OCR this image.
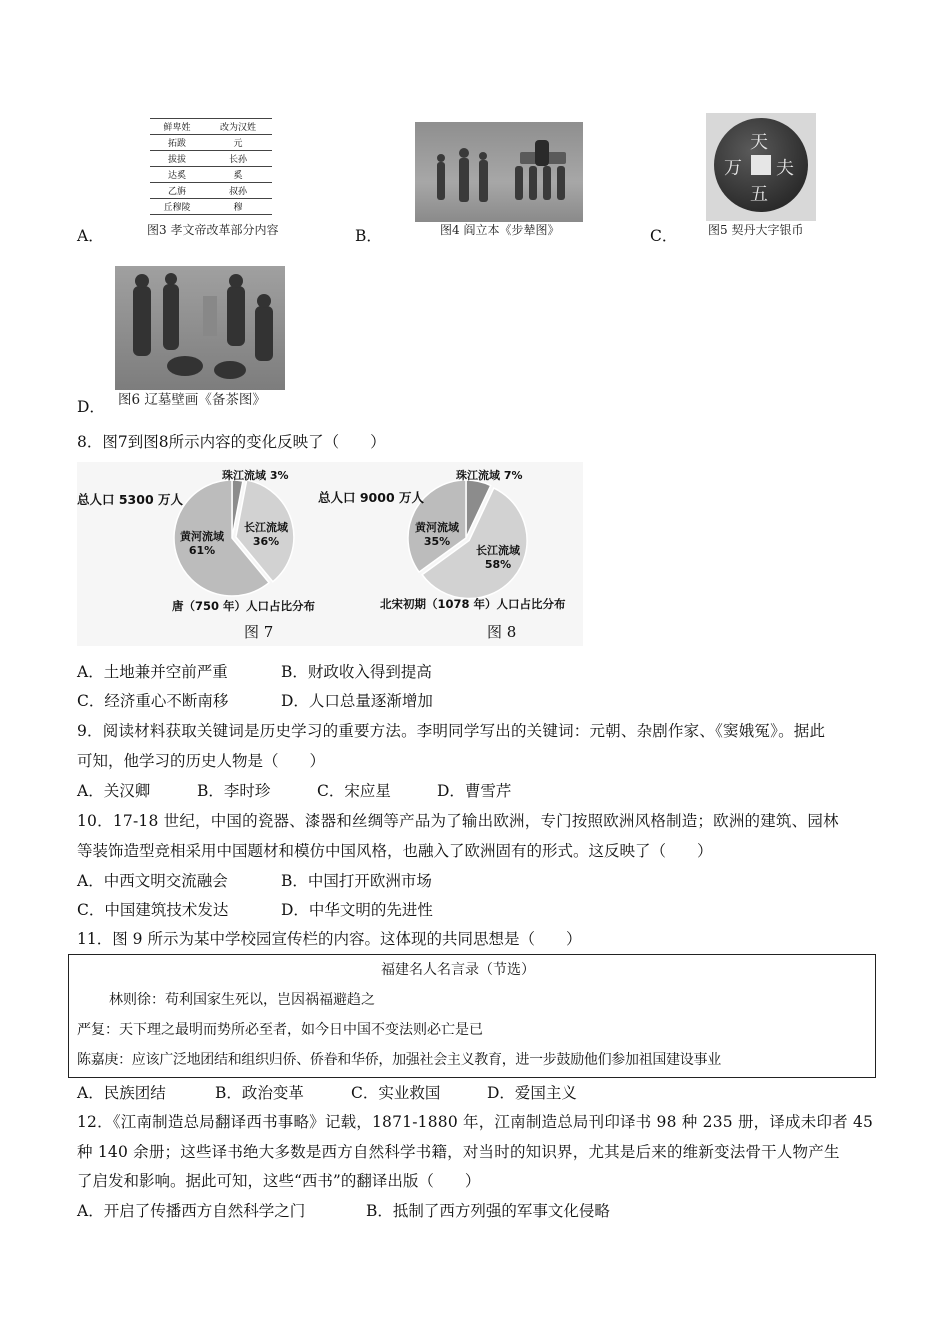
鲜卑姓	改为汉姓
拓跋	元
拔拔	长孙
达奚	奚
乙旃	叔孙
丘穆陵	穆
A．	图3 孝文帝改革部分内容	B．	图4 阎立本《步辇图》
天
夫
五
万
C．	图5 契丹大字银币
D． 图6 辽墓壁画《备茶图》
8．图7到图8所示内容的变化反映了（　　）
总人口 5300 万人
珠江流域 3%
长江流域
36%
黄河流域
61%
唐（750 年）人口占比分布
图 7
总人口 9000 万人
珠江流域 7%
长江流域
58%
黄河流域
35%
北宋初期（1078 年）人口占比分布
图 8
A．土地兼并空前严重	B．财政收入得到提高
C．经济重心不断南移	D．人口总量逐渐增加
9．阅读材料获取关键词是历史学习的重要方法。李明同学写出的关键词：元朝、杂剧作家、《窦娥冤》。据此
可知，他学习的历史人物是（　　）
A．关汉卿	B．李时珍	C．宋应星	D．曹雪芹
10．17-18 世纪，中国的瓷器、漆器和丝绸等产品为了输出欧洲，专门按照欧洲风格制造；欧洲的建筑、园林
等装饰造型竞相采用中国题材和模仿中国风格，也融入了欧洲固有的形式。这反映了（　　）
A．中西文明交流融会	B．中国打开欧洲市场
C．中国建筑技术发达	D．中华文明的先进性
11．图 9 所示为某中学校园宣传栏的内容。这体现的共同思想是（　　）
福建名人名言录（节选）
林则徐：苟利国家生死以，岂因祸福避趋之
严复：天下理之最明而势所必至者，如今日中国不变法则必亡是已
陈嘉庚：应该广泛地团结和组织归侨、侨眷和华侨，加强社会主义教育，进一步鼓励他们参加祖国建设事业
A．民族团结	B．政治变革	C．实业救国	D．爱国主义
12．《江南制造总局翻译西书事略》记载，1871-1880 年，江南制造总局刊印译书 98 种 235 册，译成未印者 45
种 140 余册；这些译书绝大多数是西方自然科学书籍，对当时的知识界，尤其是后来的维新变法骨干人物产生
了启发和影响。据此可知，这些“西书”的翻译出版（　　）
A．开启了传播西方自然科学之门	B．抵制了西方列强的军事文化侵略
